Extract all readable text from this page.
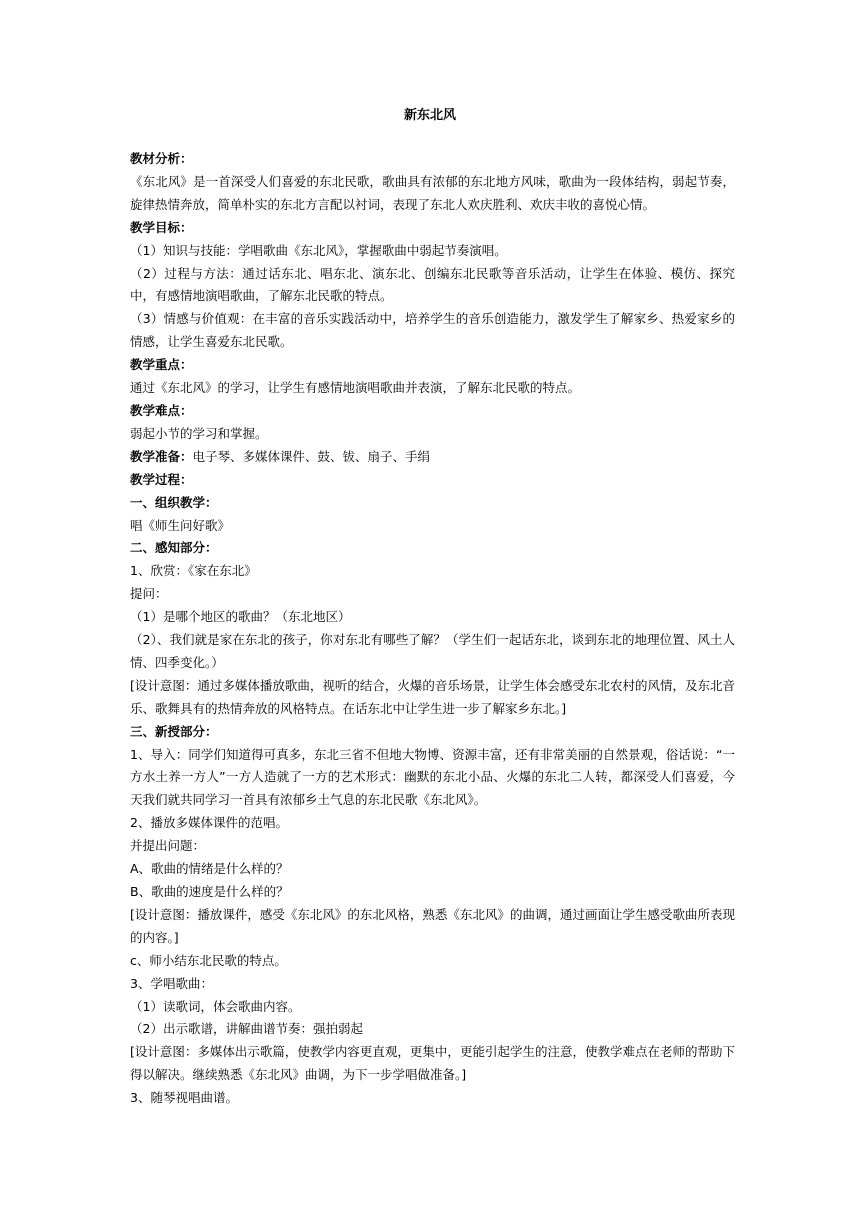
新东北风
教材分析：
《东北风》是一首深受人们喜爱的东北民歌，歌曲具有浓郁的东北地方风味，歌曲为一段体结构，弱起节奏，旋律热情奔放，简单朴实的东北方言配以衬词，表现了东北人欢庆胜利、欢庆丰收的喜悦心情。
教学目标：
（1）知识与技能：学唱歌曲《东北风》，掌握歌曲中弱起节奏演唱。
（2）过程与方法：通过话东北、唱东北、演东北、创编东北民歌等音乐活动，让学生在体验、模仿、探究中，有感情地演唱歌曲，了解东北民歌的特点。
（3）情感与价值观：在丰富的音乐实践活动中，培养学生的音乐创造能力，激发学生了解家乡、热爱家乡的情感，让学生喜爱东北民歌。
教学重点：
通过《东北风》的学习，让学生有感情地演唱歌曲并表演，了解东北民歌的特点。
教学难点：
弱起小节的学习和掌握。
教学准备：电子琴、多媒体课件、鼓、钹、扇子、手绢
教学过程：
一、组织教学：
唱《师生问好歌》
二、感知部分：
1、欣赏：《家在东北》
提问：
（1）是哪个地区的歌曲？（东北地区）
（2）、我们就是家在东北的孩子，你对东北有哪些了解？（学生们一起话东北，谈到东北的地理位置、风土人情、四季变化。）
[设计意图：通过多媒体播放歌曲，视听的结合，火爆的音乐场景，让学生体会感受东北农村的风情，及东北音乐、歌舞具有的热情奔放的风格特点。在话东北中让学生进一步了解家乡东北。]
三、新授部分：
1、导入：同学们知道得可真多，东北三省不但地大物博、资源丰富，还有非常美丽的自然景观，俗话说：“一方水土养一方人”一方人造就了一方的艺术形式：幽默的东北小品、火爆的东北二人转，都深受人们喜爱，今天我们就共同学习一首具有浓郁乡土气息的东北民歌《东北风》。
2、播放多媒体课件的范唱。
并提出问题：
A、歌曲的情绪是什么样的？
B、歌曲的速度是什么样的？
[设计意图：播放课件，感受《东北风》的东北风格，熟悉《东北风》的曲调，通过画面让学生感受歌曲所表现的内容。]
c、师小结东北民歌的特点。
3、学唱歌曲：
（1）读歌词，体会歌曲内容。
（2）出示歌谱，讲解曲谱节奏：强拍弱起
[设计意图：多媒体出示歌篇，使教学内容更直观，更集中，更能引起学生的注意，使教学难点在老师的帮助下得以解决。继续熟悉《东北风》曲调，为下一步学唱做准备。]
3、随琴视唱曲谱。
